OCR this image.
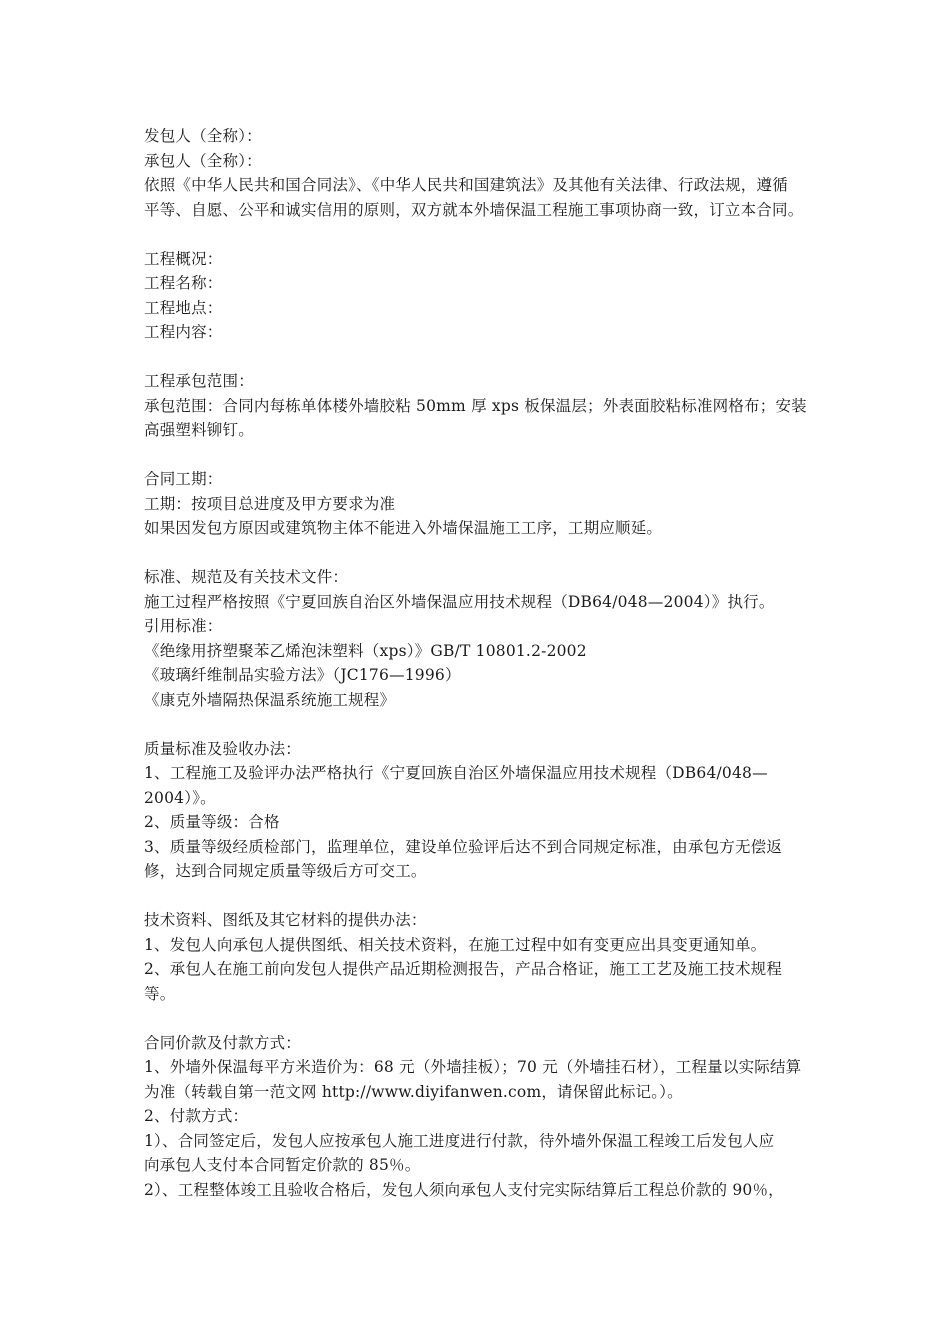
发包人（全称）：
承包人（全称）：
依照《中华人民共和国合同法》、《中华人民共和国建筑法》及其他有关法律、行政法规，遵循
平等、自愿、公平和诚实信用的原则，双方就本外墙保温工程施工事项协商一致，订立本合同。
工程概况：
工程名称：
工程地点：
工程内容：
工程承包范围：
承包范围：合同内每栋单体楼外墙胶粘 50mm 厚 xps 板保温层；外表面胶粘标准网格布；安装
高强塑料铆钉。
合同工期：
工期：按项目总进度及甲方要求为准
如果因发包方原因或建筑物主体不能进入外墙保温施工工序，工期应顺延。
标准、规范及有关技术文件：
施工过程严格按照《宁夏回族自治区外墙保温应用技术规程（DB64/048—2004）》执行。
引用标准：
《绝缘用挤塑聚苯乙烯泡沫塑料（xps）》GB/T 10801.2-2002
《玻璃纤维制品实验方法》（JC176—1996）
《康克外墙隔热保温系统施工规程》
质量标准及验收办法：
1、工程施工及验评办法严格执行《宁夏回族自治区外墙保温应用技术规程（DB64/048—
2004）》。
2、质量等级：合格
3、质量等级经质检部门，监理单位，建设单位验评后达不到合同规定标准，由承包方无偿返
修，达到合同规定质量等级后方可交工。
技术资料、图纸及其它材料的提供办法：
1、发包人向承包人提供图纸、相关技术资料，在施工过程中如有变更应出具变更通知单。
2、承包人在施工前向发包人提供产品近期检测报告，产品合格证，施工工艺及施工技术规程
等。
合同价款及付款方式：
1、外墙外保温每平方米造价为：68 元（外墙挂板）；70 元（外墙挂石材），工程量以实际结算
为准（转载自第一范文网 http://www.diyifanwen.com，请保留此标记。）。
2、付款方式：
1）、合同签定后，发包人应按承包人施工进度进行付款，待外墙外保温工程竣工后发包人应
向承包人支付本合同暂定价款的 85％。
2）、工程整体竣工且验收合格后，发包人须向承包人支付完实际结算后工程总价款的 90％，
